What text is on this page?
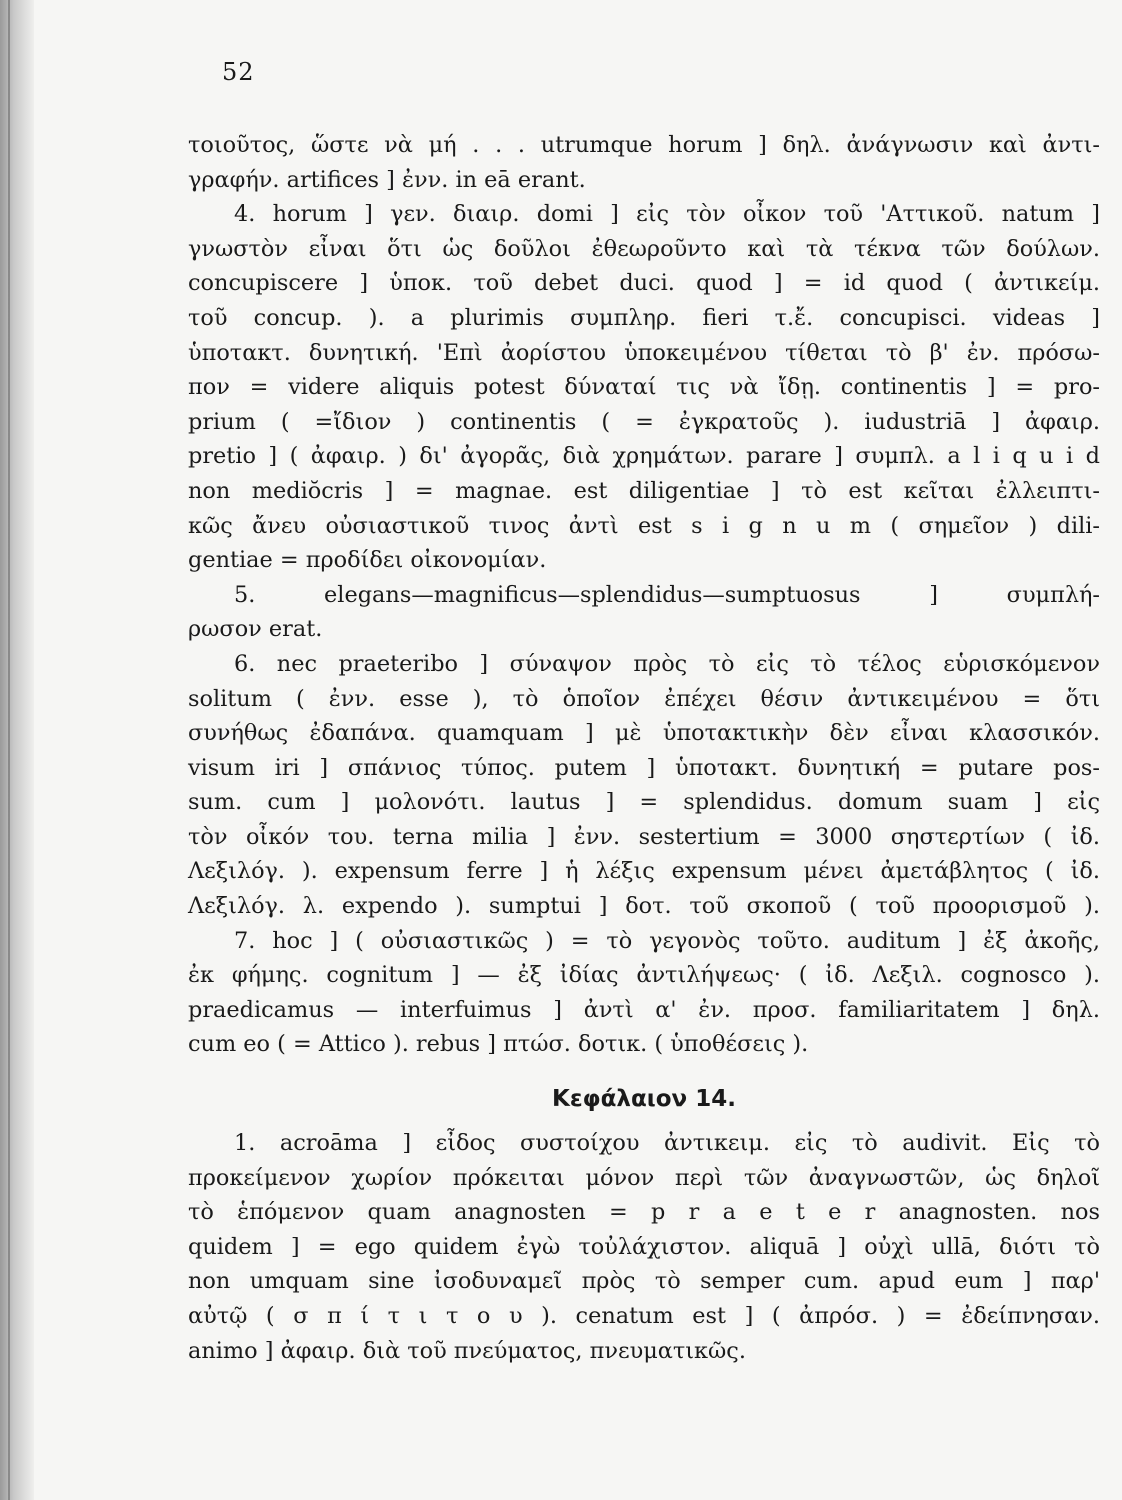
52
τοιοῦτος, ὥστε νὰ μή . . . utrumque horum ] δηλ. ἀνάγνωσιν καὶ ἀντι-
γραφήν. artifices ] ἐνν. in eā erant.
4. horum ] γεν. διαιρ. domi ] εἰς τὸν οἶκον τοῦ 'Αττικοῦ. natum ]
γνωστὸν εἶναι ὅτι ὡς δοῦλοι ἐθεωροῦντο καὶ τὰ τέκνα τῶν δούλων.
concupiscere ] ὑποκ. τοῦ debet duci. quod ] = id quod ( ἀντικείμ.
τοῦ concup. ). a plurimis συμπληρ. fieri τ.ἔ. concupisci. videas ]
ὑποτακτ. δυνητική. 'Επὶ ἀορίστου ὑποκειμένου τίθεται τὸ β' ἐν. πρόσω-
πον = videre aliquis potest δύναταί τις νὰ ἴδῃ. continentis ] = pro-
prium ( =ἴδιον ) continentis ( = ἐγκρατοῦς ). iudustriā ] ἀφαιρ.
pretio ] ( ἀφαιρ. ) δι' ἀγορᾶς, διὰ χρημάτων. parare ] συμπλ. a l i q u i d
non mediŏcris ] = magnae. est diligentiae ] τὸ est κεῖται ἐλλειπτι-
κῶς ἄνευ οὐσιαστικοῦ τινος ἀντὶ est s i g n u m ( σημεῖον ) dili-
gentiae = προδίδει οἰκονομίαν.
5. elegans—magnificus—splendidus—sumptuosus ] συμπλή-
ρωσον erat.
6. nec praeteribo ] σύναψον πρὸς τὸ εἰς τὸ τέλος εὑρισκόμενον
solitum ( ἐνν. esse ), τὸ ὁποῖον ἐπέχει θέσιν ἀντικειμένου = ὅτι
συνήθως ἐδαπάνα. quamquam ] μὲ ὑποτακτικὴν δὲν εἶναι κλασσικόν.
visum iri ] σπάνιος τύπος. putem ] ὑποτακτ. δυνητική = putare pos-
sum. cum ] μολονότι. lautus ] = splendidus. domum suam ] εἰς
τὸν οἶκόν του. terna milia ] ἐνν. sestertium = 3000 σηστερτίων ( ἰδ.
Λεξιλόγ. ). expensum ferre ] ἡ λέξις expensum μένει ἀμετάβλητος ( ἰδ.
Λεξιλόγ. λ. expendo ). sumptui ] δοτ. τοῦ σκοποῦ ( τοῦ προορισμοῦ ).
7. hoc ] ( οὐσιαστικῶς ) = τὸ γεγονὸς τοῦτο. auditum ] ἐξ ἀκοῆς,
ἐκ φήμης. cognitum ] — ἐξ ἰδίας ἀντιλήψεως· ( ἰδ. Λεξιλ. cognosco ).
praedicamus — interfuimus ] ἀντὶ α' ἐν. προσ. familiaritatem ] δηλ.
cum eo ( = Attico ). rebus ] πτώσ. δοτικ. ( ὑποθέσεις ).
Κεφάλαιον 14.
1. acroāma ] εἶδος συστοίχου ἀντικειμ. εἰς τὸ audivit. Εἰς τὸ
προκείμενον χωρίον πρόκειται μόνον περὶ τῶν ἀναγνωστῶν, ὡς δηλοῖ
τὸ ἑπόμενον quam anagnosten = p r a e t e r anagnosten. nos
quidem ] = ego quidem ἐγὼ τοὐλάχιστον. aliquā ] οὐχὶ ullā, διότι τὸ
non umquam sine ἰσοδυναμεῖ πρὸς τὸ semper cum. apud eum ] παρ'
αὐτῷ ( σ π ί τ ι τ ο υ ). cenatum est ] ( ἀπρόσ. ) = ἐδείπνησαν.
animo ] ἀφαιρ. διὰ τοῦ πνεύματος, πνευματικῶς.
